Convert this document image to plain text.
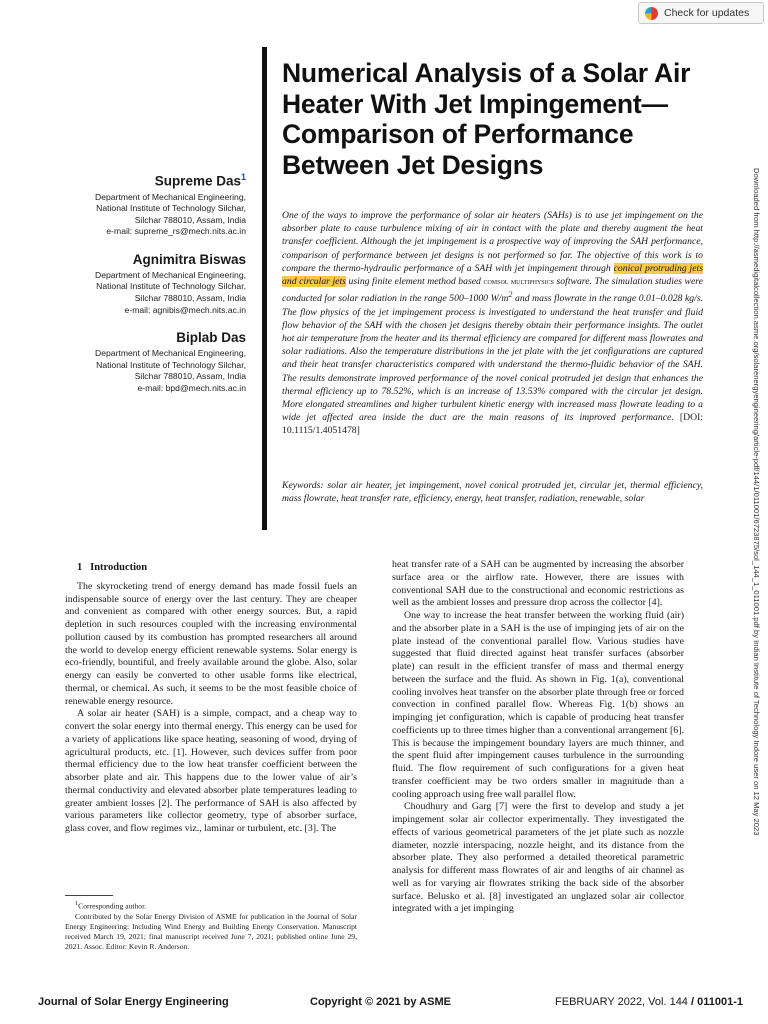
Check for updates
Supreme Das$^1$
Department of Mechanical Engineering,
National Institute of Technology Silchar,
Silchar 788010, Assam, India
e-mail: supreme_rs@mech.nits.ac.in
Agnimitra Biswas
Department of Mechanical Engineering,
National Institute of Technology Silchar,
Silchar 788010, Assam, India
e-mail: agnibis@mech.nits.ac.in
Biplab Das
Department of Mechanical Engineering,
National Institute of Technology Silchar,
Silchar 788010, Assam, India
e-mail: bpd@mech.nits.ac.in
Numerical Analysis of a Solar Air
Heater With Jet Impingement—
Comparison of Performance
Between Jet Designs
One of the ways to improve the performance of solar air heaters (SAHs) is to use jet impingement on the absorber plate to cause turbulence mixing of air in contact with the plate and thereby augment the heat transfer coefficient. Although the jet impingement is a prospective way of improving the SAH performance, comparison of performance between jet designs is not performed so far. The objective of this work is to compare the thermo-hydraulic performance of a SAH with jet impingement through conical protruding jets and circular jets using finite element method based comsol multiphysics software. The simulation studies were conducted for solar radiation in the range 500–1000 $W/m^2$ and mass flowrate in the range 0.01–0.028 kg/s. The flow physics of the jet impingement process is investigated to understand the heat transfer and fluid flow behavior of the SAH with the chosen jet designs thereby obtain their performance insights. The outlet hot air temperature from the heater and its thermal efficiency are compared for different mass flowrates and solar radiations. Also the temperature distributions in the jet plate with the jet configurations are captured and their heat transfer characteristics compared with understand the thermo-fluidic behavior of the SAH. The results demonstrate improved performance of the novel conical protruded jet design that enhances the thermal efficiency up to 78.52%, which is an increase of 13.53% compared with the circular jet design. More elongated streamlines and higher turbulent kinetic energy with increased mass flowrate leading to a wide jet affected area inside the duct are the main reasons of its improved performance. [DOI: 10.1115/1.4051478]
Keywords: solar air heater, jet impingement, novel conical protruded jet, circular jet, thermal efficiency, mass flowrate, heat transfer rate, efficiency, energy, heat transfer, radiation, renewable, solar	Downloaded from http://asmedigitalcollection.asme.org/solarenergyengineering/article-pdf/144/1/011001/6723875/sol_144_1_011001.pdf by Indian Institute of Technology Indore user on 12 May 2023
1 Introduction

The skyrocketing trend of energy demand has made fossil fuels an indispensable source of energy over the last century. They are cheaper and convenient as compared with other energy sources. But, a rapid depletion in such resources coupled with the increasing environmental pollution caused by its combustion has prompted researchers all around the world to develop energy efficient renewable systems. Solar energy is eco-friendly, bountiful, and freely available around the globe. Also, solar energy can easily be converted to other usable forms like electrical, thermal, or chemical. As such, it seems to be the most feasible choice of renewable energy resource.

A solar air heater (SAH) is a simple, compact, and a cheap way to convert the solar energy into thermal energy. This energy can be used for a variety of applications like space heating, seasoning of wood, drying of agricultural products, etc. [1]. However, such devices suffer from poor thermal efficiency due to the low heat transfer coefficient between the absorber plate and air. This happens due to the lower value of air’s thermal conductivity and elevated absorber plate temperatures leading to greater ambient losses [2]. The performance of SAH is also affected by various parameters like collector geometry, type of absorber surface, glass cover, and flow regimes viz., laminar or turbulent, etc. [3]. The

heat transfer rate of a SAH can be augmented by increasing the absorber surface area or the airflow rate. However, there are issues with conventional SAH due to the constructional and economic restrictions as well as the ambient losses and pressure drop across the collector [4].

One way to increase the heat transfer between the working fluid (air) and the absorber plate in a SAH is the use of impinging jets of air on the plate instead of the conventional parallel flow. Various studies have suggested that fluid directed against heat transfer surfaces (absorber plate) can result in the efficient transfer of mass and thermal energy between the surface and the fluid. As shown in Fig. 1(a), conventional cooling involves heat transfer on the absorber plate through free or forced convection in confined parallel flow. Whereas Fig. 1(b) shows an impinging jet configuration, which is capable of producing heat transfer coefficients up to three times higher than a conventional arrangement [6]. This is because the impingement boundary layers are much thinner, and the spent fluid after impingement causes turbulence in the surrounding fluid. The flow requirement of such configurations for a given heat transfer coefficient may be two orders smaller in magnitude than a cooling approach using free wall parallel flow.

Choudhury and Garg [7] were the first to develop and study a jet impingement solar air collector experimentally. They investigated the effects of various geometrical parameters of the jet plate such as nozzle diameter, nozzle interspacing, nozzle height, and its distance from the absorber plate. They also performed a detailed theoretical parametric analysis for different mass flowrates of air and lengths of air channel as well as for varying air flowrates striking the back side of the absorber surface. Belusko et al. [8] investigated an unglazed solar air collector integrated with a jet impinging

$^1$Corresponding author.

Contributed by the Solar Energy Division of ASME for publication in the Journal of Solar Energy Engineering: Including Wind Energy and Building Energy Conservation. Manuscript received March 19, 2021; final manuscript received June 7, 2021; published online June 29, 2021. Assoc. Editor: Kevin R. Anderson.

Journal of Solar Energy Engineering	Copyright © 2021 by ASME	FEBRUARY 2022, Vol. 144 / 011001-1
